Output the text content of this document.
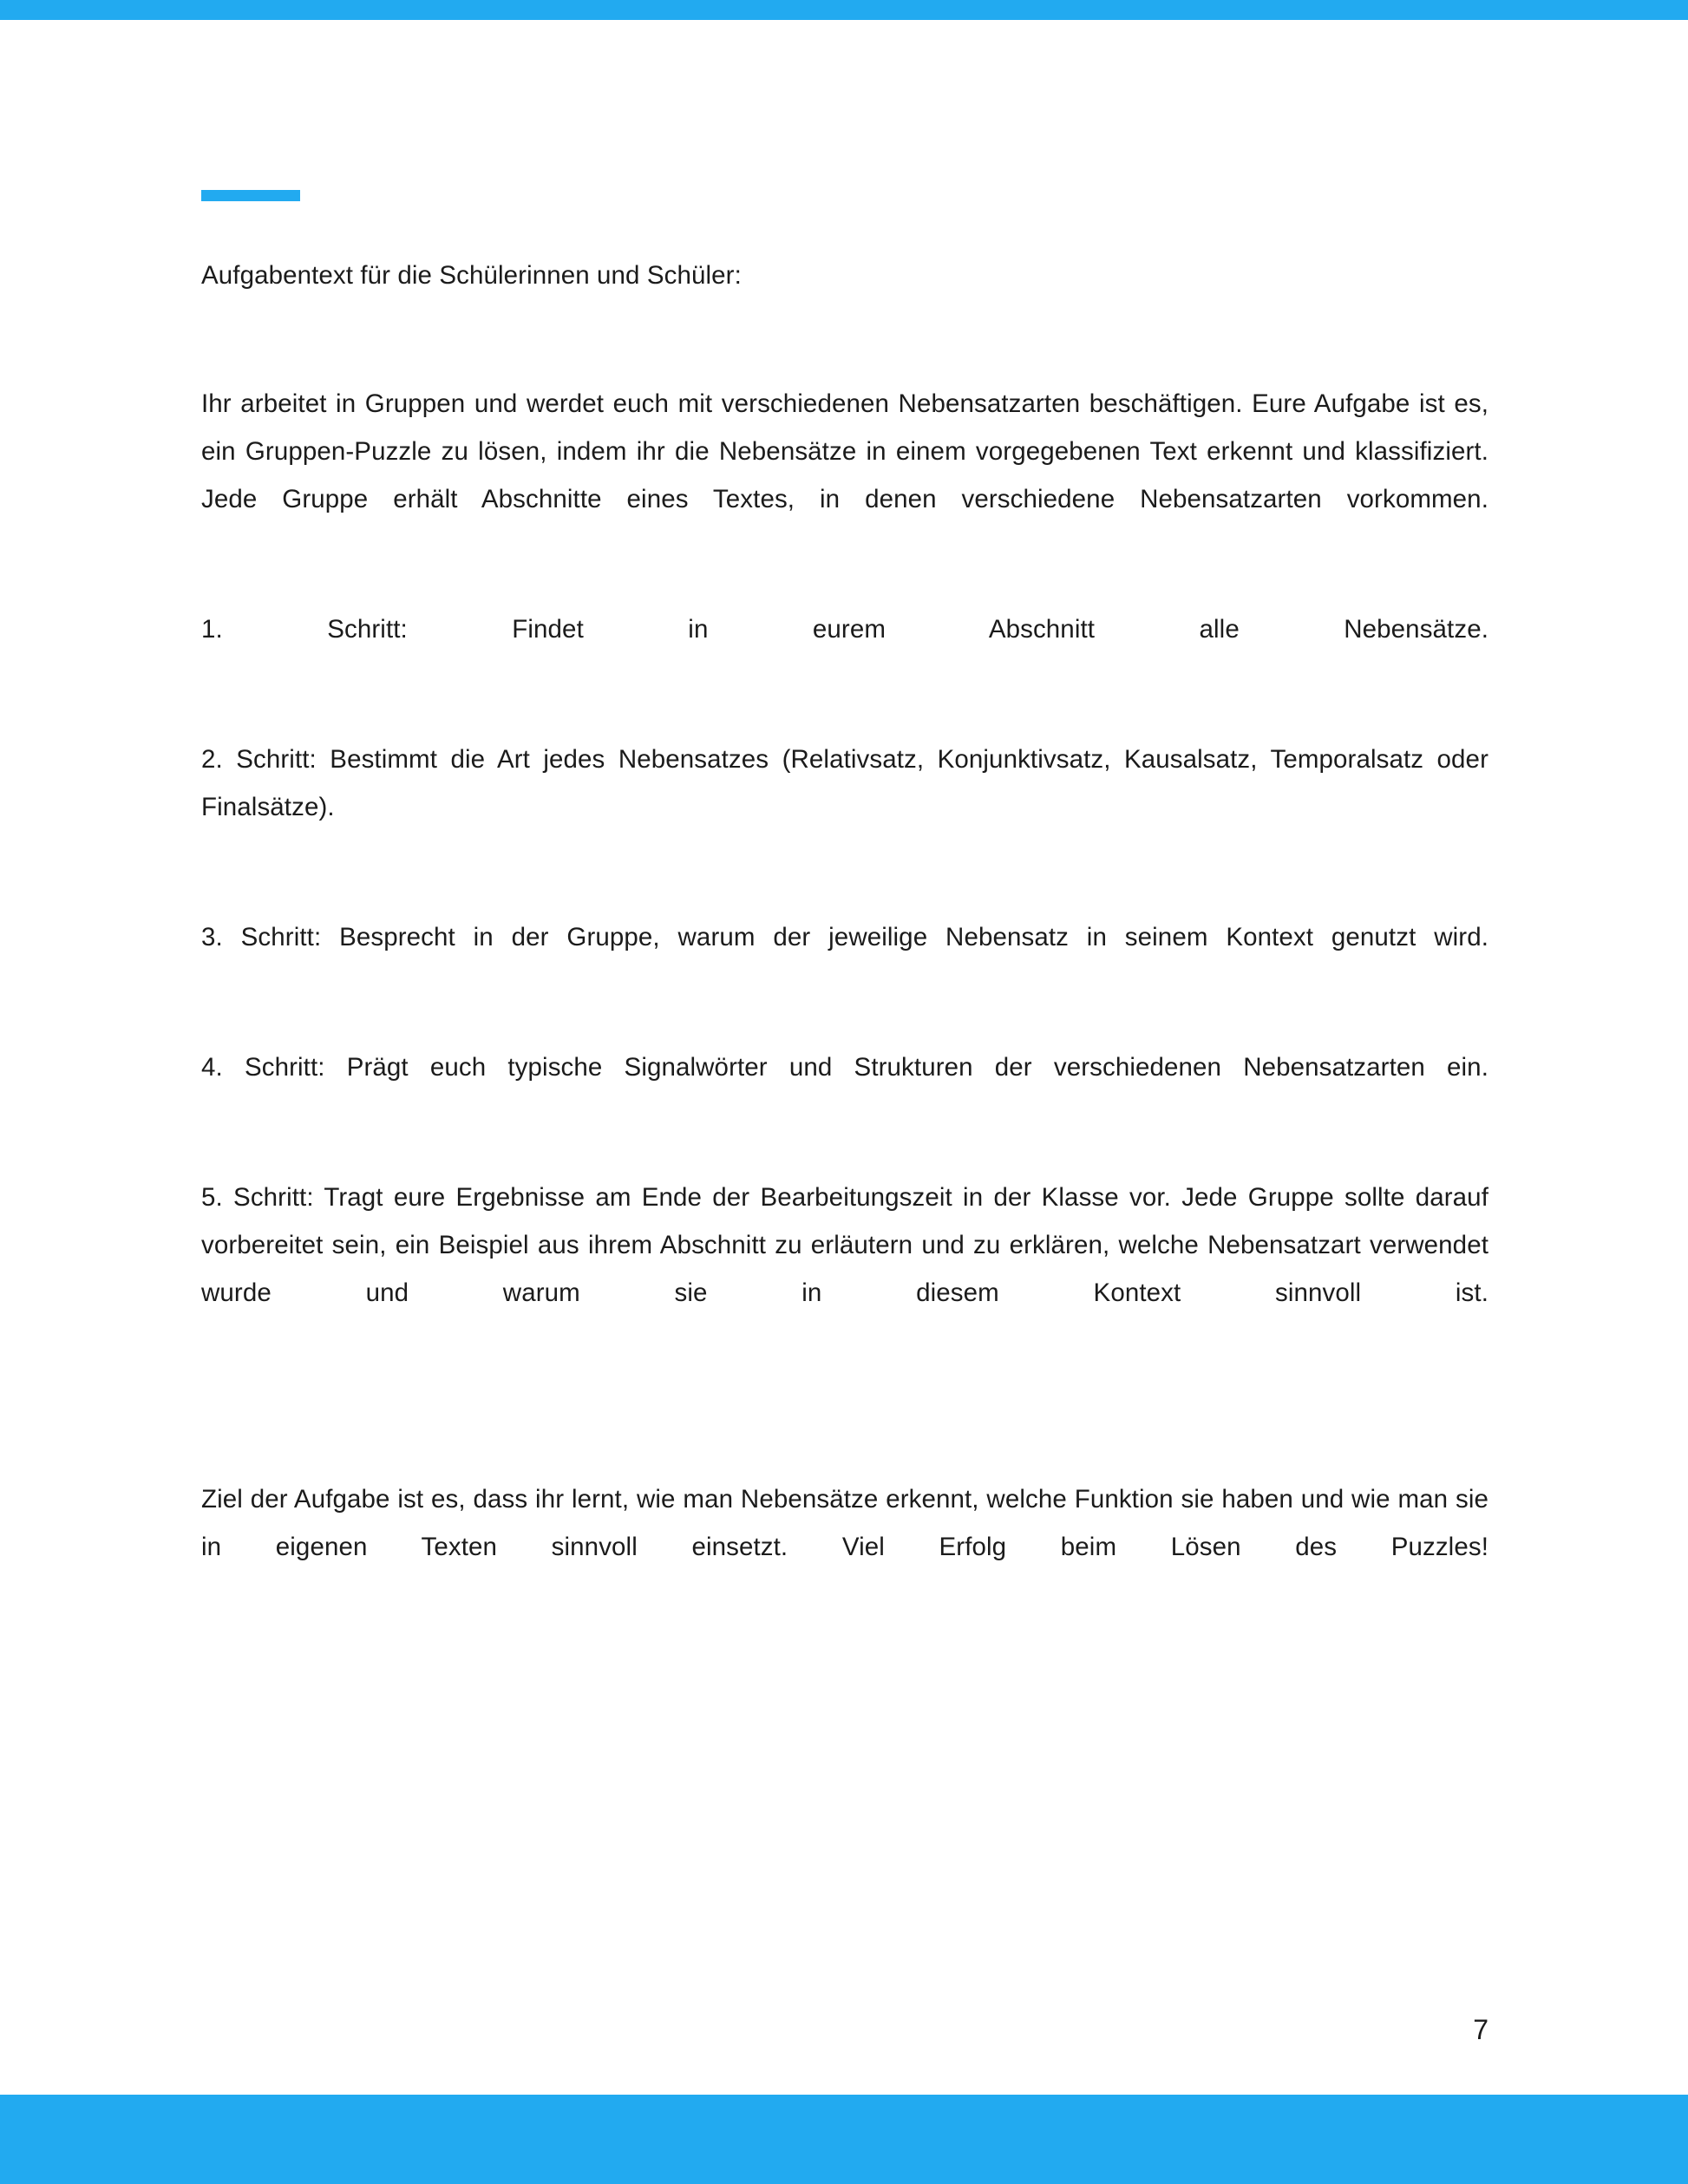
Aufgabentext für die Schülerinnen und Schüler:

Ihr arbeitet in Gruppen und werdet euch mit verschiedenen Nebensatzarten beschäftigen. Eure Aufgabe ist es, ein Gruppen-Puzzle zu lösen, indem ihr die Nebensätze in einem vorgegebenen Text erkennt und klassifiziert. Jede Gruppe erhält Abschnitte eines Textes, in denen verschiedene Nebensatzarten vorkommen.

1. Schritt: Findet in eurem Abschnitt alle Nebensätze.

2. Schritt: Bestimmt die Art jedes Nebensatzes (Relativsatz, Konjunktivsatz, Kausalsatz, Temporalsatz oder Finalsätze).

3. Schritt: Besprecht in der Gruppe, warum der jeweilige Nebensatz in seinem Kontext genutzt wird.

4. Schritt: Prägt euch typische Signalwörter und Strukturen der verschiedenen Nebensatzarten ein.

5. Schritt: Tragt eure Ergebnisse am Ende der Bearbeitungszeit in der Klasse vor. Jede Gruppe sollte darauf vorbereitet sein, ein Beispiel aus ihrem Abschnitt zu erläutern und zu erklären, welche Nebensatzart verwendet wurde und warum sie in diesem Kontext sinnvoll ist.

Ziel der Aufgabe ist es, dass ihr lernt, wie man Nebensätze erkennt, welche Funktion sie haben und wie man sie in eigenen Texten sinnvoll einsetzt. Viel Erfolg beim Lösen des Puzzles!

7
